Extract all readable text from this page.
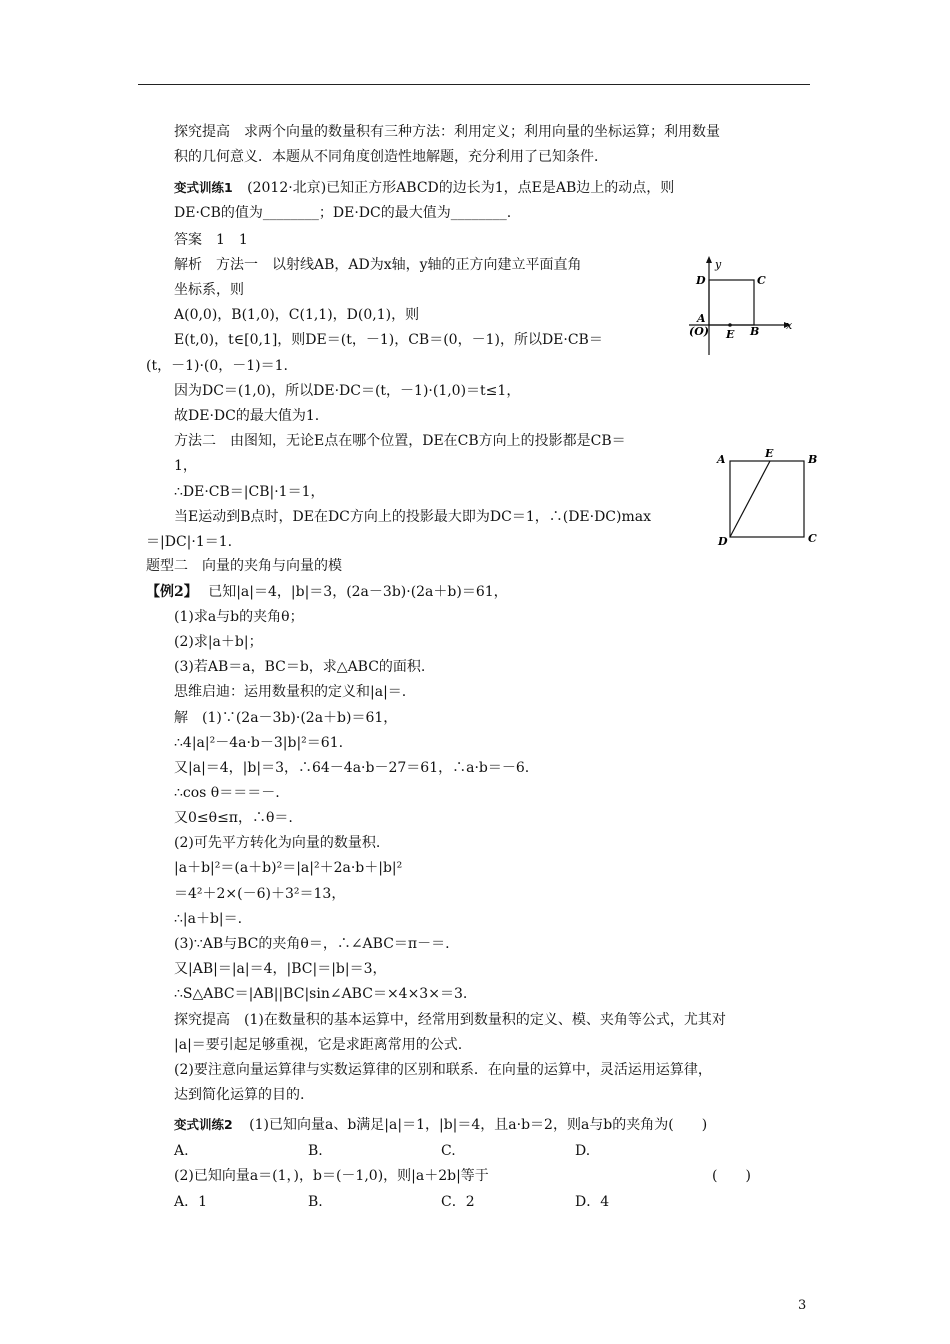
探究提高　求两个向量的数量积有三种方法：利用定义；利用向量的坐标运算；利用数量
积的几何意义．本题从不同角度创造性地解题，充分利用了已知条件．
变式训练1 (2012·北京)已知正方形ABCD的边长为1，点E是AB边上的动点，则
DE·CB的值为________；DE·DC的最大值为________.
答案　1　1
解析　方法一　以射线AB，AD为x轴，y轴的正方向建立平面直角
坐标系，则
A(0,0)，B(1,0)，C(1,1)，D(0,1)，则
E(t,0)，t∈[0,1]，则DE＝(t，－1)，CB＝(0，－1)，所以DE·CB＝
(t，－1)·(0，－1)＝1.
因为DC＝(1,0)，所以DE·DC＝(t，－1)·(1,0)＝t≤1，
故DE·DC的最大值为1.
方法二　由图知，无论E点在哪个位置，DE在CB方向上的投影都是CB＝
1，
∴DE·CB＝|CB|·1＝1，
当E运动到B点时，DE在DC方向上的投影最大即为DC＝1，∴(DE·DC)max
＝|DC|·1＝1.
题型二　向量的夹角与向量的模
【例2】 已知|a|＝4，|b|＝3，(2a－3b)·(2a＋b)＝61，
(1)求a与b的夹角θ；
(2)求|a＋b|；
(3)若AB＝a，BC＝b，求△ABC的面积.
思维启迪：运用数量积的定义和|a|＝.
解　(1)∵(2a－3b)·(2a＋b)＝61，
∴4|a|²－4a·b－3|b|²＝61.
又|a|＝4，|b|＝3，∴64－4a·b－27＝61，∴a·b＝－6.
∴cos θ＝＝＝－.
又0≤θ≤π，∴θ＝.
(2)可先平方转化为向量的数量积.
|a＋b|²＝(a＋b)²＝|a|²＋2a·b＋|b|²
＝4²＋2×(－6)＋3²＝13，
∴|a＋b|＝.
(3)∵AB与BC的夹角θ＝，∴∠ABC＝π－＝.
又|AB|＝|a|＝4，|BC|＝|b|＝3，
∴S△ABC＝|AB||BC|sin∠ABC＝×4×3×＝3.
探究提高　(1)在数量积的基本运算中，经常用到数量积的定义、模、夹角等公式，尤其对
|a|＝要引起足够重视，它是求距离常用的公式.
(2)要注意向量运算律与实数运算律的区别和联系．在向量的运算中，灵活运用运算律，
达到简化运算的目的.
变式训练2 (1)已知向量a、b满足|a|＝1，|b|＝4，且a·b＝2，则a与b的夹角为(　　)
A.	B.	C.	D.
(2)已知向量a＝(1，)，b＝(－1,0)，则|a＋2b|等于	(　　)
A．1	B.	C．2	D．4
y
x
D	C
A
(O) E B
A	E	B
D	C
3
